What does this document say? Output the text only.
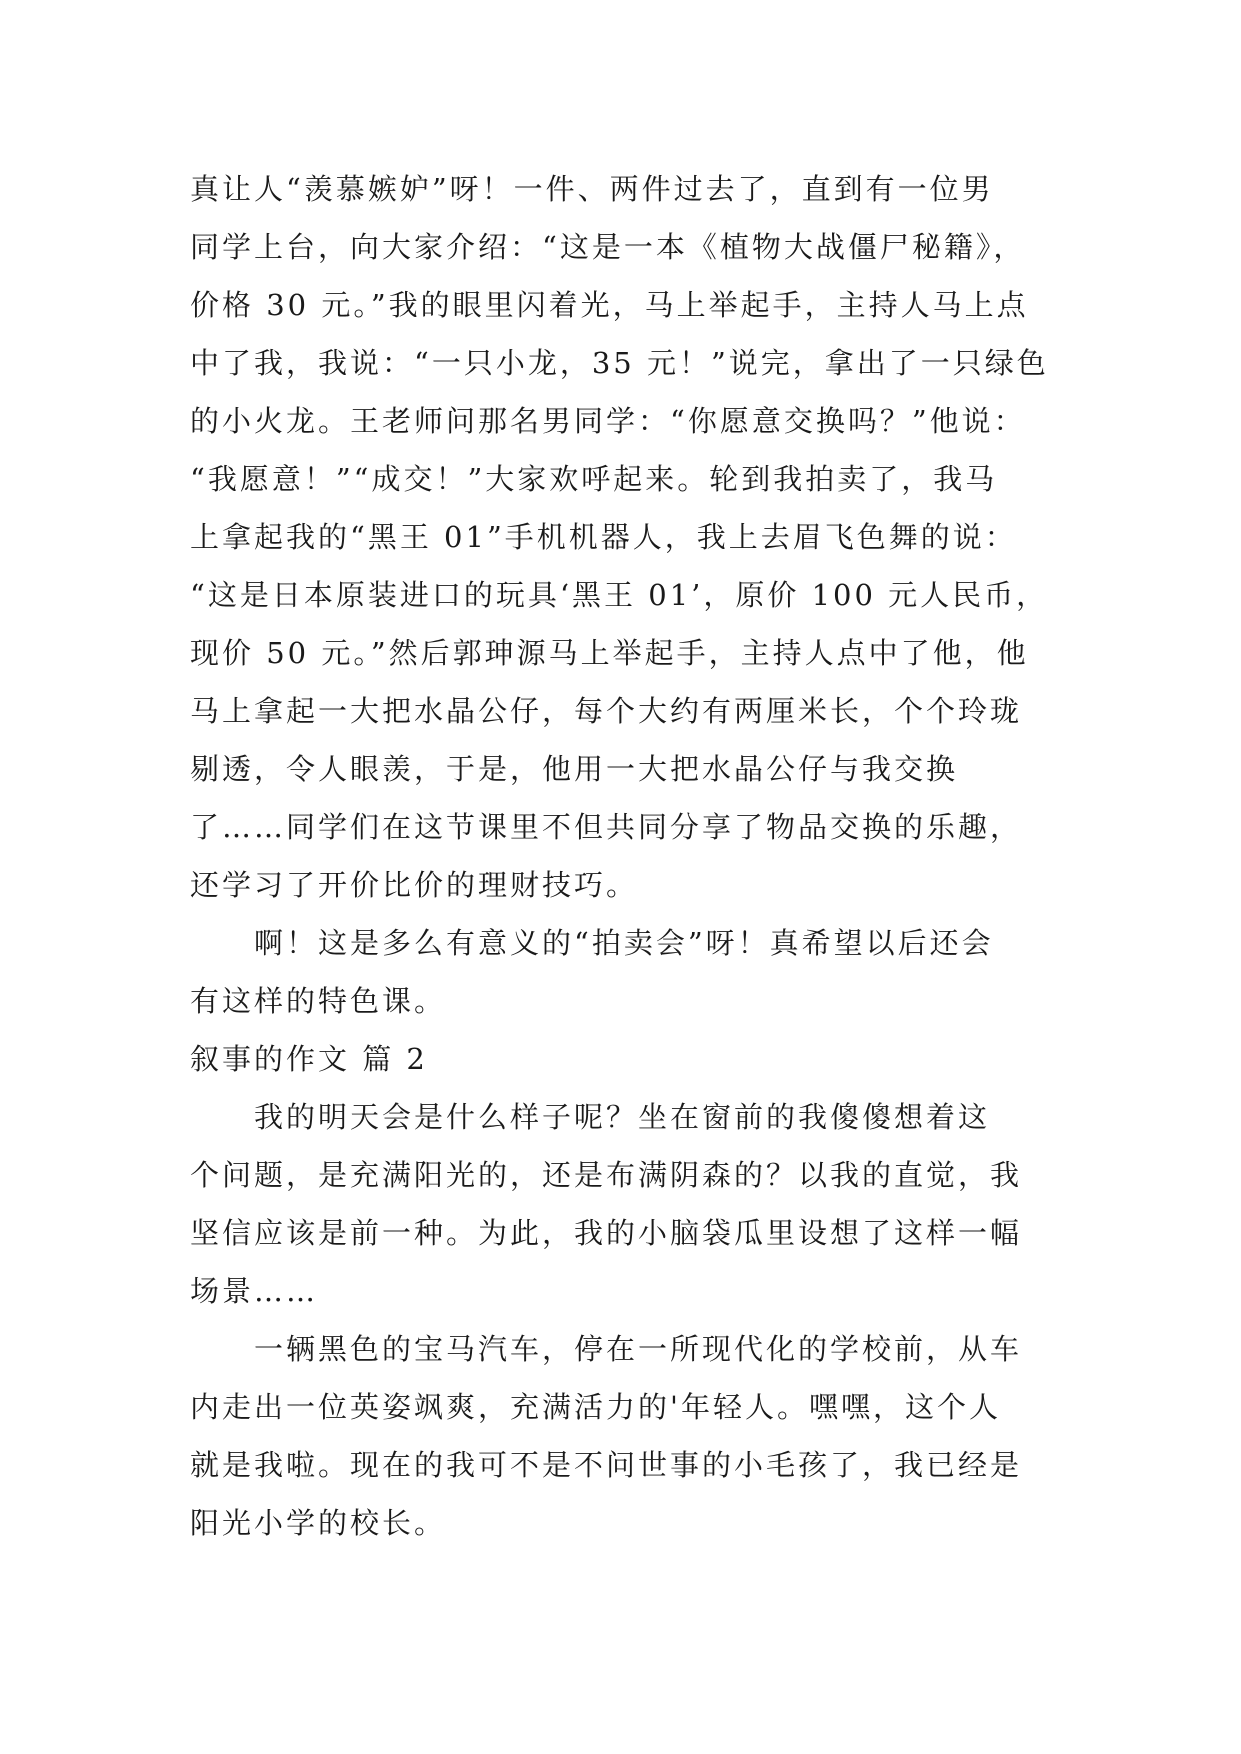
真让人“羡慕嫉妒”呀！一件、两件过去了，直到有一位男
同学上台，向大家介绍：“这是一本《植物大战僵尸秘籍》，
价格 30 元。”我的眼里闪着光，马上举起手，主持人马上点
中了我，我说：“一只小龙，35 元！”说完，拿出了一只绿色
的小火龙。王老师问那名男同学：“你愿意交换吗？”他说：
“我愿意！”“成交！”大家欢呼起来。轮到我拍卖了，我马
上拿起我的“黑王 01”手机机器人，我上去眉飞色舞的说：
“这是日本原装进口的玩具‘黑王 01’，原价 100 元人民币，
现价 50 元。”然后郭珅源马上举起手，主持人点中了他，他
马上拿起一大把水晶公仔，每个大约有两厘米长，个个玲珑
剔透，令人眼羡，于是，他用一大把水晶公仔与我交换
了……同学们在这节课里不但共同分享了物品交换的乐趣，
还学习了开价比价的理财技巧。
啊！这是多么有意义的“拍卖会”呀！真希望以后还会
有这样的特色课。
叙事的作文 篇 2
我的明天会是什么样子呢？坐在窗前的我傻傻想着这
个问题，是充满阳光的，还是布满阴森的？以我的直觉，我
坚信应该是前一种。为此，我的小脑袋瓜里设想了这样一幅
场景……
一辆黑色的宝马汽车，停在一所现代化的学校前，从车
内走出一位英姿飒爽，充满活力的'年轻人。嘿嘿，这个人
就是我啦。现在的我可不是不问世事的小毛孩了，我已经是
阳光小学的校长。
